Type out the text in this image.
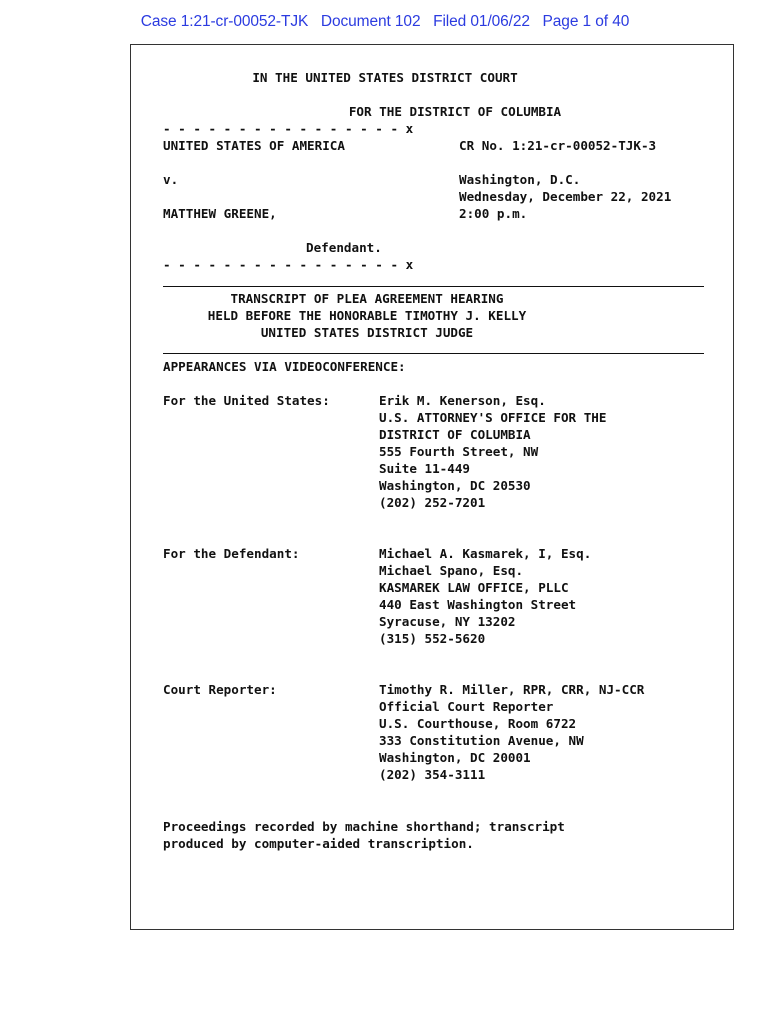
Case 1:21-cr-00052-TJK   Document 102   Filed 01/06/22   Page 1 of 40
IN THE UNITED STATES DISTRICT COURT
FOR THE DISTRICT OF COLUMBIA
- - - - - - - - - - - - - - - - x
UNITED STATES OF AMERICA	CR No. 1:21-cr-00052-TJK-3
v.	Washington, D.C.
Wednesday, December 22, 2021
MATTHEW GREENE,	2:00 p.m.
Defendant.
- - - - - - - - - - - - - - - - x
TRANSCRIPT OF PLEA AGREEMENT HEARING
HELD BEFORE THE HONORABLE TIMOTHY J. KELLY
UNITED STATES DISTRICT JUDGE
APPEARANCES VIA VIDEOCONFERENCE:
For the United States:	Erik M. Kenerson, Esq.
U.S. ATTORNEY'S OFFICE FOR THE
DISTRICT OF COLUMBIA
555 Fourth Street, NW
Suite 11-449
Washington, DC 20530
(202) 252-7201
For the Defendant:	Michael A. Kasmarek, I, Esq.
Michael Spano, Esq.
KASMAREK LAW OFFICE, PLLC
440 East Washington Street
Syracuse, NY 13202
(315) 552-5620
Court Reporter:	Timothy R. Miller, RPR, CRR, NJ-CCR
Official Court Reporter
U.S. Courthouse, Room 6722
333 Constitution Avenue, NW
Washington, DC 20001
(202) 354-3111
Proceedings recorded by machine shorthand; transcript
produced by computer-aided transcription.
